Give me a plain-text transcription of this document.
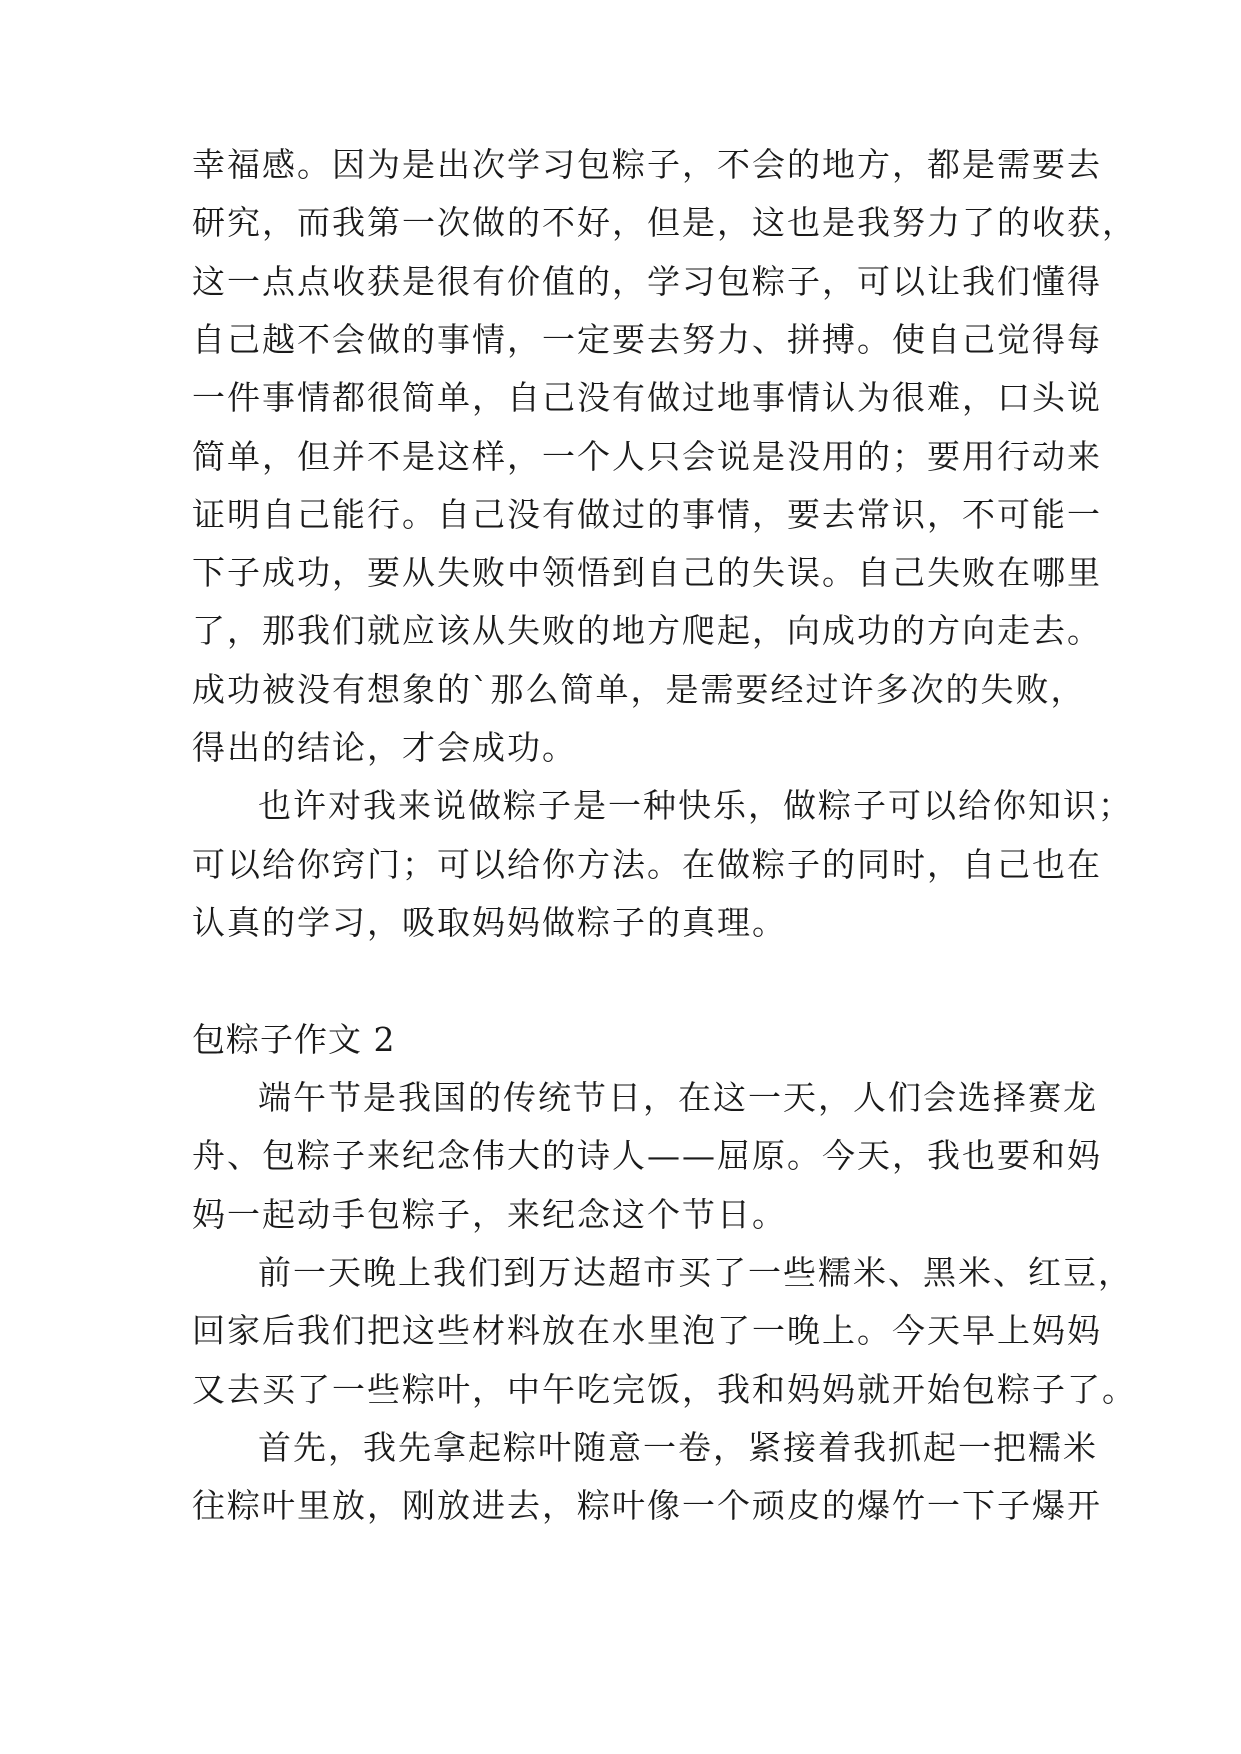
幸福感。因为是出次学习包粽子，不会的地方，都是需要去
研究，而我第一次做的不好，但是，这也是我努力了的收获，
这一点点收获是很有价值的，学习包粽子，可以让我们懂得
自己越不会做的事情，一定要去努力、拼搏。使自己觉得每
一件事情都很简单，自己没有做过地事情认为很难，口头说
简单，但并不是这样，一个人只会说是没用的；要用行动来
证明自己能行。自己没有做过的事情，要去常识，不可能一
下子成功，要从失败中领悟到自己的失误。自己失败在哪里
了，那我们就应该从失败的地方爬起，向成功的方向走去。
成功被没有想象的`那么简单，是需要经过许多次的失败，
得出的结论，才会成功。
也许对我来说做粽子是一种快乐，做粽子可以给你知识；
可以给你窍门；可以给你方法。在做粽子的同时，自己也在
认真的学习，吸取妈妈做粽子的真理。
包粽子作文 2
端午节是我国的传统节日，在这一天，人们会选择赛龙
舟、包粽子来纪念伟大的诗人——屈原。今天，我也要和妈
妈一起动手包粽子，来纪念这个节日。
前一天晚上我们到万达超市买了一些糯米、黑米、红豆，
回家后我们把这些材料放在水里泡了一晚上。今天早上妈妈
又去买了一些粽叶，中午吃完饭，我和妈妈就开始包粽子了。
首先，我先拿起粽叶随意一卷，紧接着我抓起一把糯米
往粽叶里放，刚放进去，粽叶像一个顽皮的爆竹一下子爆开
